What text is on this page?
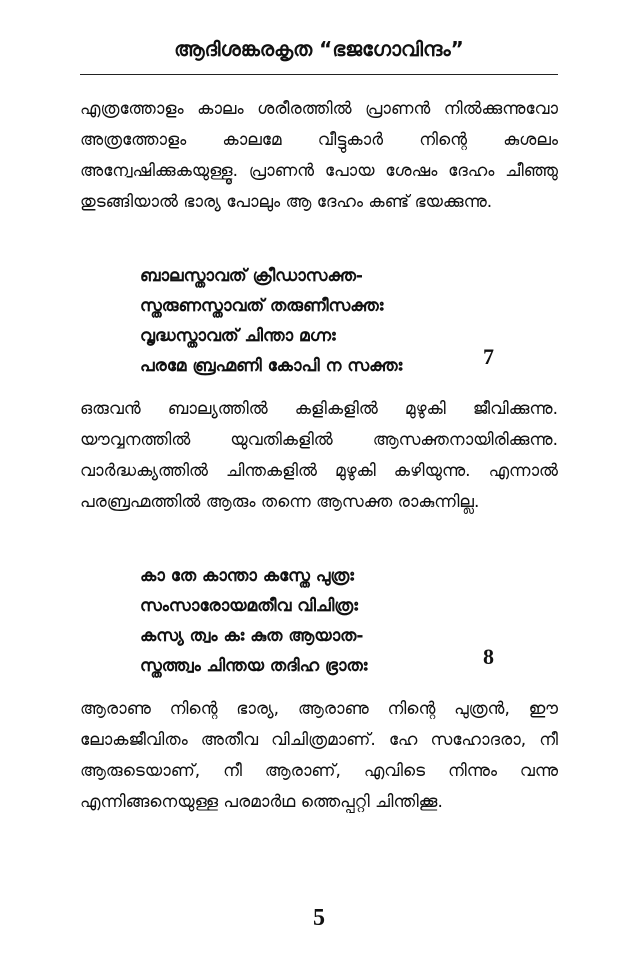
ആദിശങ്കരകൃത “ഭജഗോവിന്ദം”
എത്രത്തോളം കാലം ശരീരത്തിൽ പ്രാണൻ നിൽക്കുന്നുവോ അത്രത്തോളം കാലമേ വീട്ടുകാർ നിന്റെ കുശലം അന്വേഷിക്കുകയുള്ളൂ. പ്രാണൻ പോയ ശേഷം ദേഹം ചീഞ്ഞു തുടങ്ങിയാൽ ഭാര്യ പോലും ആ ദേഹം കണ്ട് ഭയക്കുന്നു.
ബാലസ്താവത് ക്രീഡാസക്ത-
സ്തരുണസ്താവത് തരുണീസക്തഃ
വൃദ്ധസ്താവത് ചിന്താ മഗ്നഃ
പരമേ ബ്രഹ്മണി കോപി ന സക്തഃ	7
ഒരുവൻ ബാല്യത്തിൽ കളികളിൽ മുഴുകി ജീവിക്കുന്നു. യൗവ്വനത്തിൽ യുവതികളിൽ ആസക്തനായിരിക്കുന്നു. വാർദ്ധക്യത്തിൽ ചിന്തകളിൽ മുഴുകി കഴിയുന്നു. എന്നാൽ പരബ്രഹ്മത്തിൽ ആരും തന്നെ ആസക്ത രാകുന്നില്ല.
കാ തേ കാന്താ കസ്തേ പുത്രഃ
സംസാരോയമതീവ വിചിത്രഃ
കസ്യ ത്വം കഃ കുത ആയാത-
സ്തത്ത്വം ചിന്തയ തദിഹ ഭ്രാതഃ	8
ആരാണു നിന്റെ ഭാര്യ, ആരാണു നിന്റെ പുത്രൻ, ഈ ലോകജീവിതം അതീവ വിചിത്രമാണ്. ഹേ സഹോദരാ, നീ ആരുടെയാണ്, നീ ആരാണ്, എവിടെ നിന്നും വന്നു എന്നിങ്ങനെയുള്ള പരമാർഥ ത്തെപ്പറ്റി ചിന്തിക്കൂ.
5
